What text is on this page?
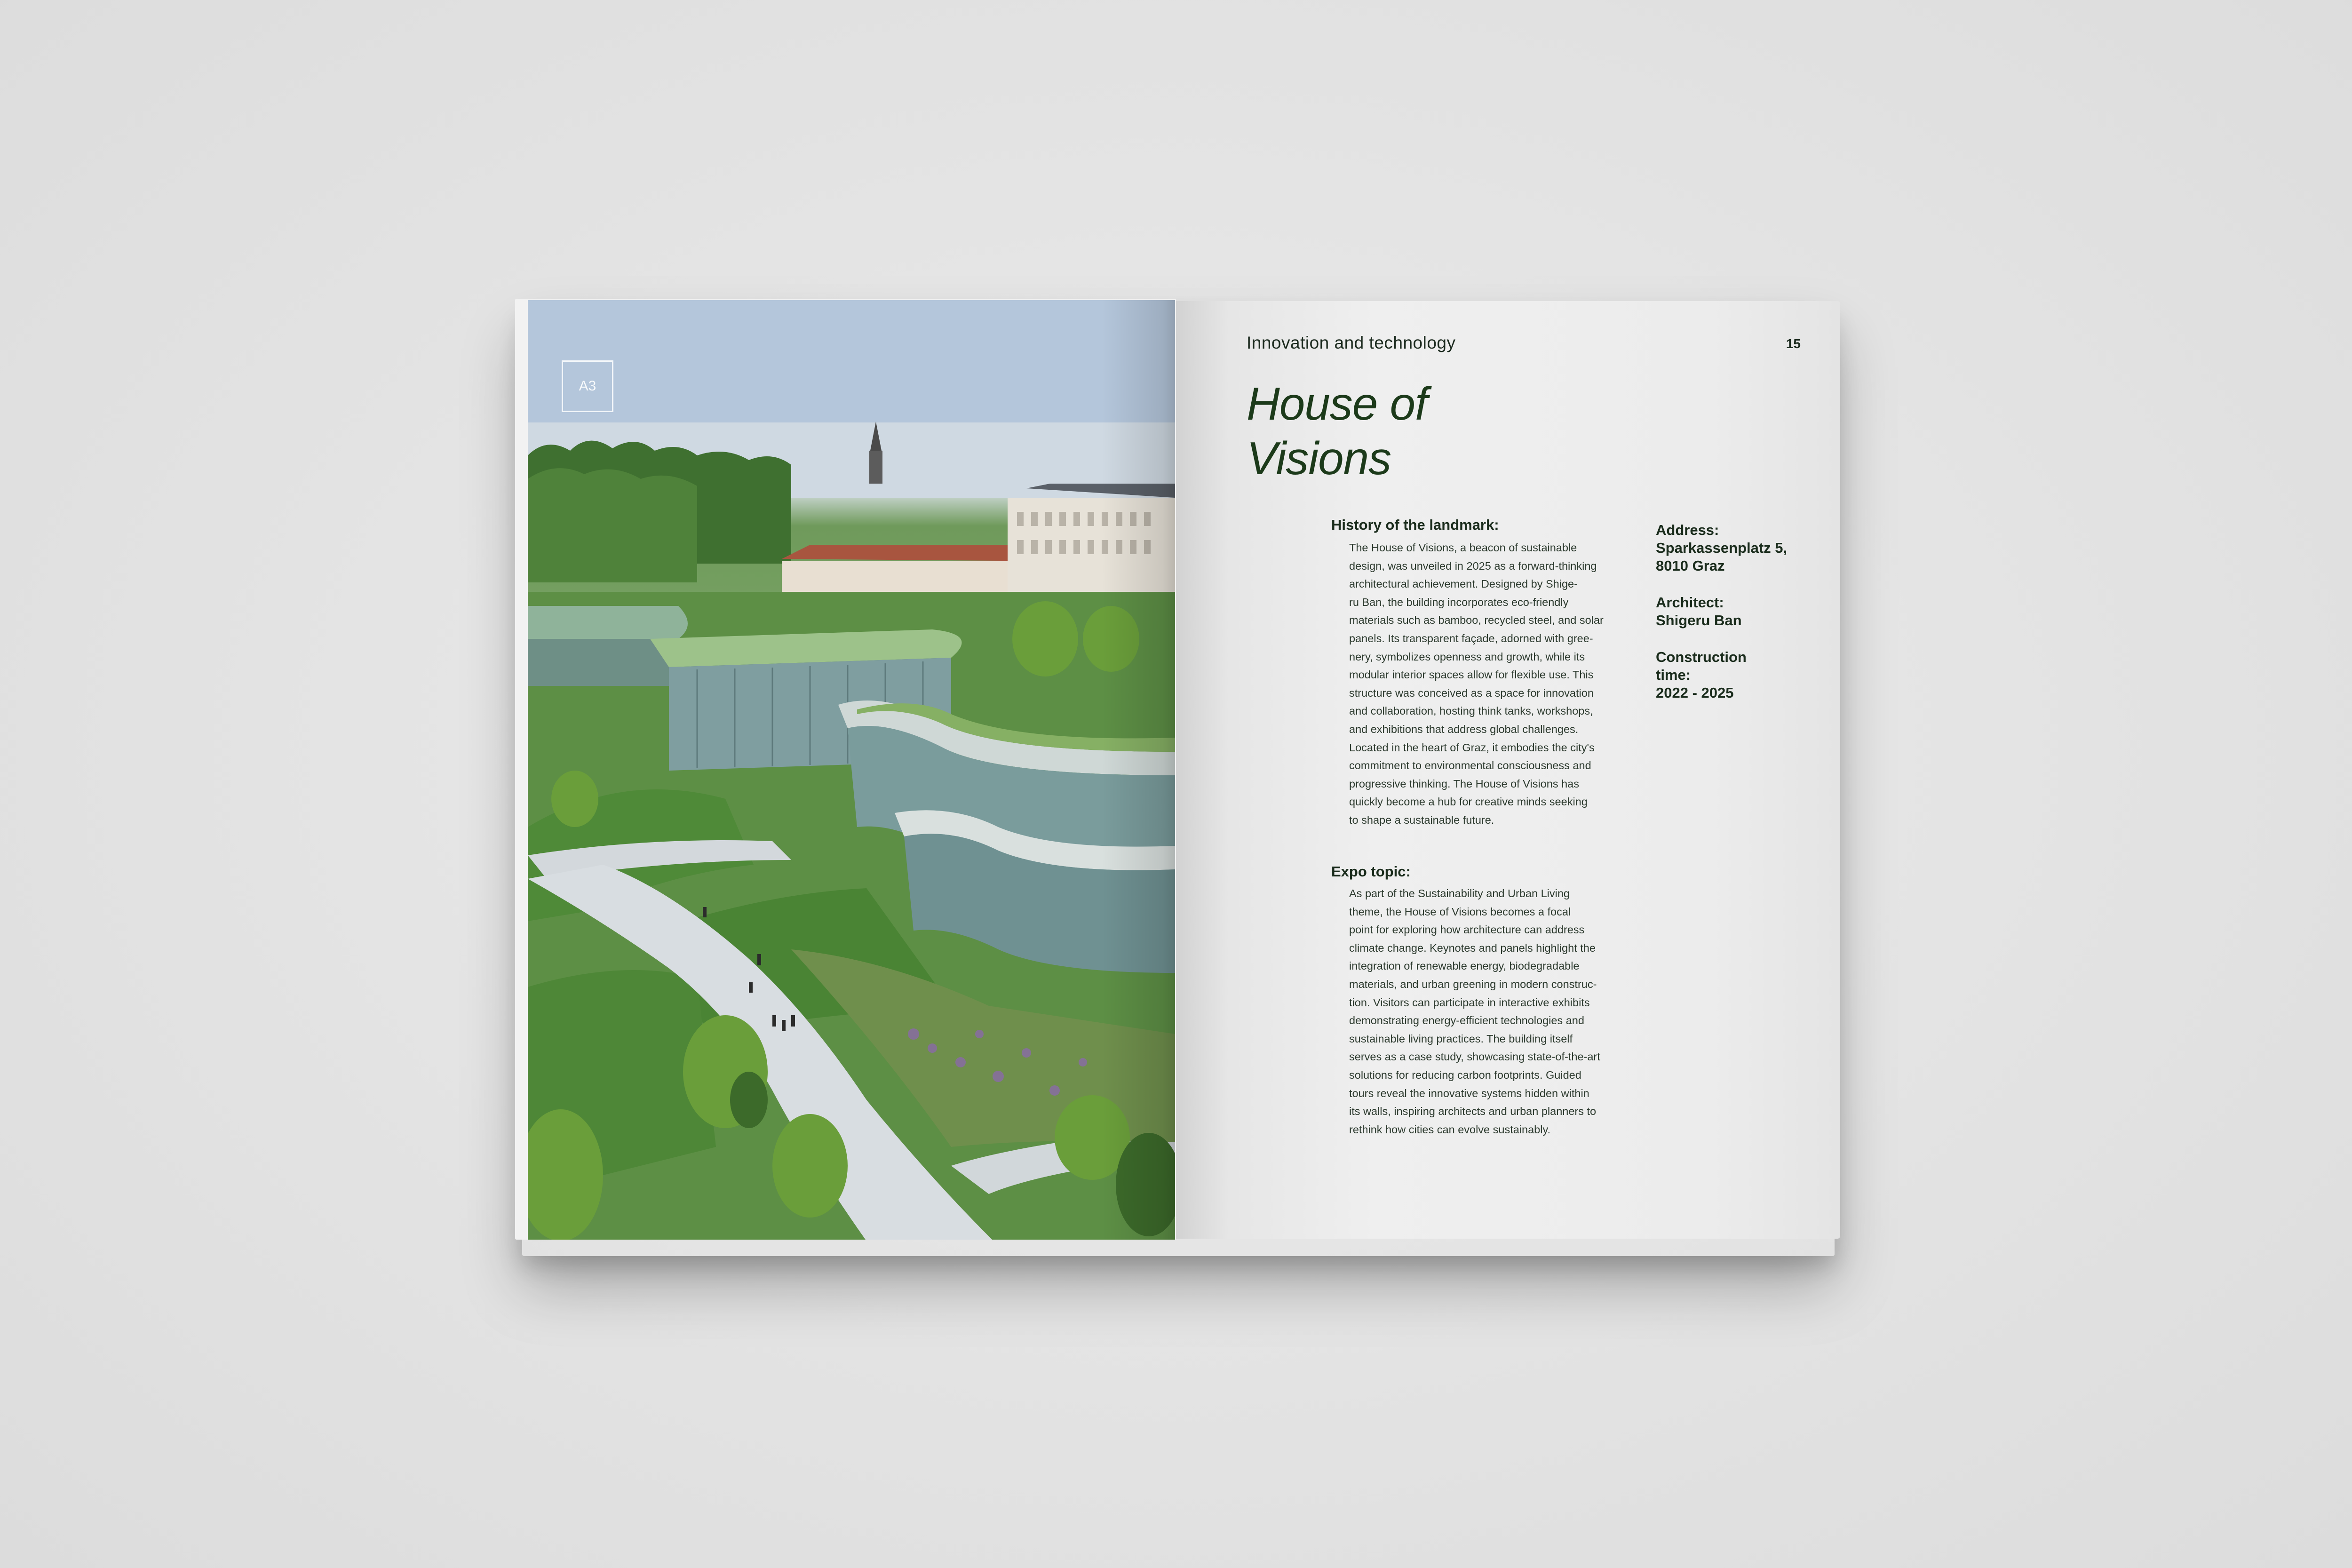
A3
Innovation and technology	15
House of
Visions
History of the landmark:

The House of Visions, a beacon of sustainable
design, was unveiled in 2025 as a forward-thinking
architectural achievement. Designed by Shige-
ru Ban, the building incorporates eco-friendly
materials such as bamboo, recycled steel, and solar
panels. Its transparent façade, adorned with gree-
nery, symbolizes openness and growth, while its
modular interior spaces allow for flexible use. This
structure was conceived as a space for innovation
and collaboration, hosting think tanks, workshops,
and exhibitions that address global challenges.
Located in the heart of Graz, it embodies the city's
commitment to environmental consciousness and
progressive thinking. The House of Visions has
quickly become a hub for creative minds seeking
to shape a sustainable future.

Expo topic:

As part of the Sustainability and Urban Living
theme, the House of Visions becomes a focal
point for exploring how architecture can address
climate change. Keynotes and panels highlight the
integration of renewable energy, biodegradable
materials, and urban greening in modern construc-
tion. Visitors can participate in interactive exhibits
demonstrating energy-efficient technologies and
sustainable living practices. The building itself
serves as a case study, showcasing state-of-the-art
solutions for reducing carbon footprints. Guided
tours reveal the innovative systems hidden within
its walls, inspiring architects and urban planners to
rethink how cities can evolve sustainably.

Address:
Sparkassenplatz 5,
8010 Graz
Architect:
Shigeru Ban
Construction
time:
2022 - 2025
